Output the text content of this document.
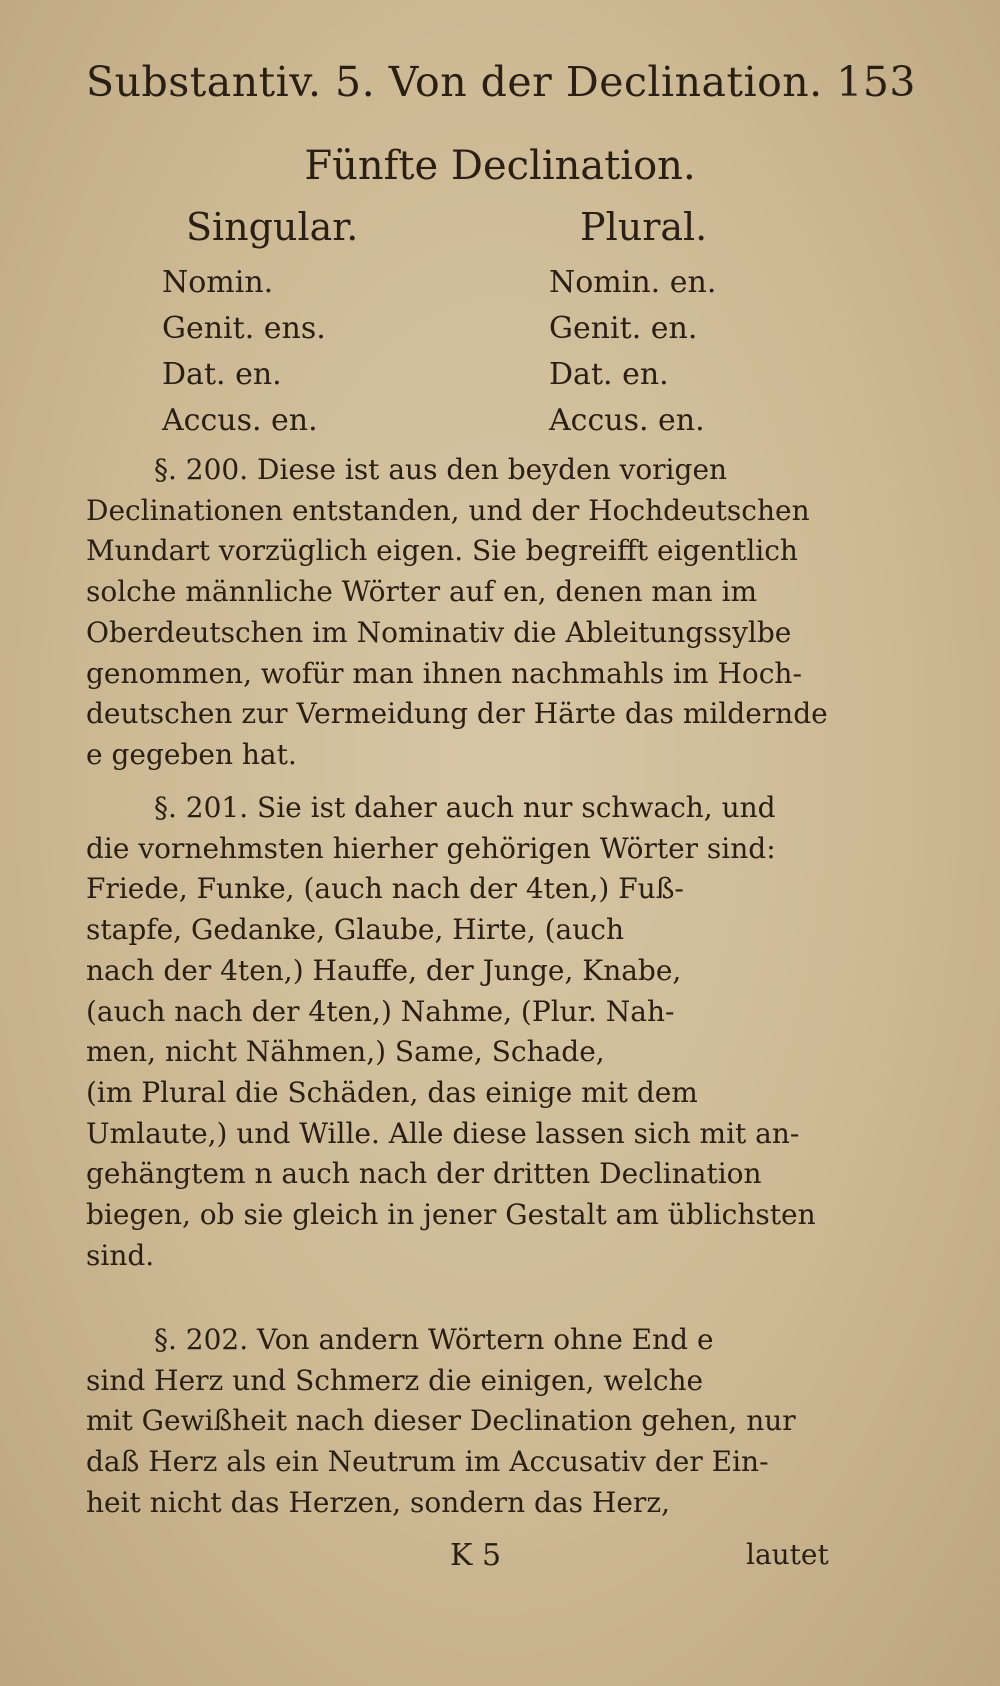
Substantiv. 5. Von der Declination. 153
Fünfte Declination.
Singular.	Plural.
Nomin.	Nomin. en.
Genit. ens.	Genit. en.
Dat. en.	Dat. en.
Accus. en.	Accus. en.

§. 200. Diese ist aus den beyden vorigen

Declinationen entstanden, und der Hochdeutschen

Mundart vorzüglich eigen. Sie begreifft eigentlich

solche männliche Wörter auf en, denen man im

Oberdeutschen im Nominativ die Ableitungssylbe

genommen, wofür man ihnen nachmahls im Hoch-

deutschen zur Vermeidung der Härte das mildernde

e gegeben hat.

§. 201. Sie ist daher auch nur schwach, und

die vornehmsten hierher gehörigen Wörter sind:

Friede, Funke, (auch nach der 4ten,) Fuß-

stapfe, Gedanke, Glaube, Hirte, (auch

nach der 4ten,) Hauffe, der Junge, Knabe,

(auch nach der 4ten,) Nahme, (Plur. Nah-

men, nicht Nähmen,) Same, Schade,

(im Plural die Schäden, das einige mit dem

Umlaute,) und Wille. Alle diese lassen sich mit an-

gehängtem n auch nach der dritten Declination

biegen, ob sie gleich in jener Gestalt am üblichsten

sind.

§. 202. Von andern Wörtern ohne End e

sind Herz und Schmerz die einigen, welche

mit Gewißheit nach dieser Declination gehen, nur

daß Herz als ein Neutrum im Accusativ der Ein-

heit nicht das Herzen, sondern das Herz,

K 5	lautet
